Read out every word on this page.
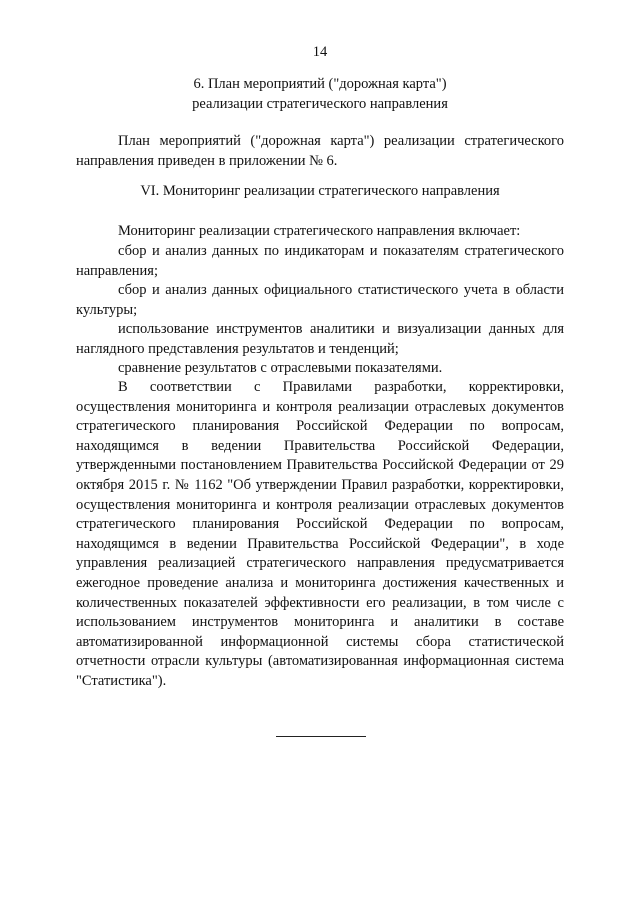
14
6. План мероприятий ("дорожная карта")
реализации стратегического направления

План мероприятий ("дорожная карта") реализации стратегического направления приведен в приложении № 6.

VI. Мониторинг реализации стратегического направления

Мониторинг реализации стратегического направления включает:

сбор и анализ данных по индикаторам и показателям стратегического направления;

сбор и анализ данных официального статистического учета в области культуры;

использование инструментов аналитики и визуализации данных для наглядного представления результатов и тенденций;

сравнение результатов с отраслевыми показателями.

В соответствии с Правилами разработки, корректировки, осуществления мониторинга и контроля реализации отраслевых документов стратегического планирования Российской Федерации по вопросам, находящимся в ведении Правительства Российской Федерации, утвержденными постановлением Правительства Российской Федерации от 29 октября 2015 г. № 1162 "Об утверждении Правил разработки, корректировки, осуществления мониторинга и контроля реализации отраслевых документов стратегического планирования Российской Федерации по вопросам, находящимся в ведении Правительства Российской Федерации", в ходе управления реализацией стратегического направления предусматривается ежегодное проведение анализа и мониторинга достижения качественных и количественных показателей эффективности его реализации, в том числе с использованием инструментов мониторинга и аналитики в составе автоматизированной информационной системы сбора статистической отчетности отрасли культуры (автоматизированная информационная система "Статистика").
